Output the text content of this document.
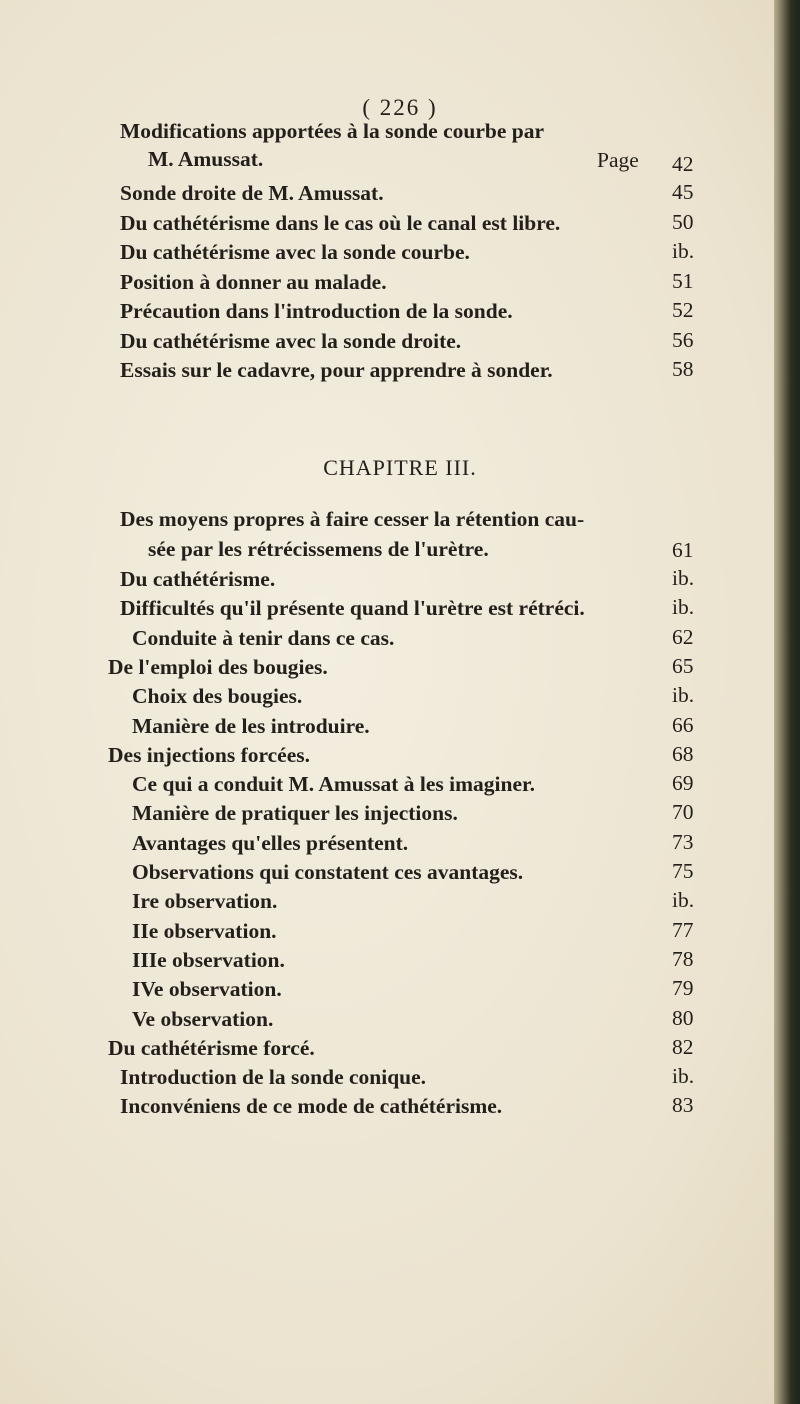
( 226 )
Modifications apportées à la sonde courbe par
M. Amussat.	Page 42
Sonde droite de M. Amussat.	45
Du cathétérisme dans le cas où le canal est libre.	50
Du cathétérisme avec la sonde courbe.	ib.
Position à donner au malade.	51
Précaution dans l'introduction de la sonde.	52
Du cathétérisme avec la sonde droite.	56
Essais sur le cadavre, pour apprendre à sonder.	58
CHAPITRE III.
Des moyens propres à faire cesser la rétention cau-
sée par les rétrécissemens de l'urètre.	61
Du cathétérisme.	ib.
Difficultés qu'il présente quand l'urètre est rétréci.	ib.
Conduite à tenir dans ce cas.	62
De l'emploi des bougies.	65
Choix des bougies.	ib.
Manière de les introduire.	66
Des injections forcées.	68
Ce qui a conduit M. Amussat à les imaginer.	69
Manière de pratiquer les injections.	70
Avantages qu'elles présentent.	73
Observations qui constatent ces avantages.	75
Ire observation.	ib.
IIe observation.	77
IIIe observation.	78
IVe observation.	79
Ve observation.	80
Du cathétérisme forcé.	82
Introduction de la sonde conique.	ib.
Inconvéniens de ce mode de cathétérisme.	83
